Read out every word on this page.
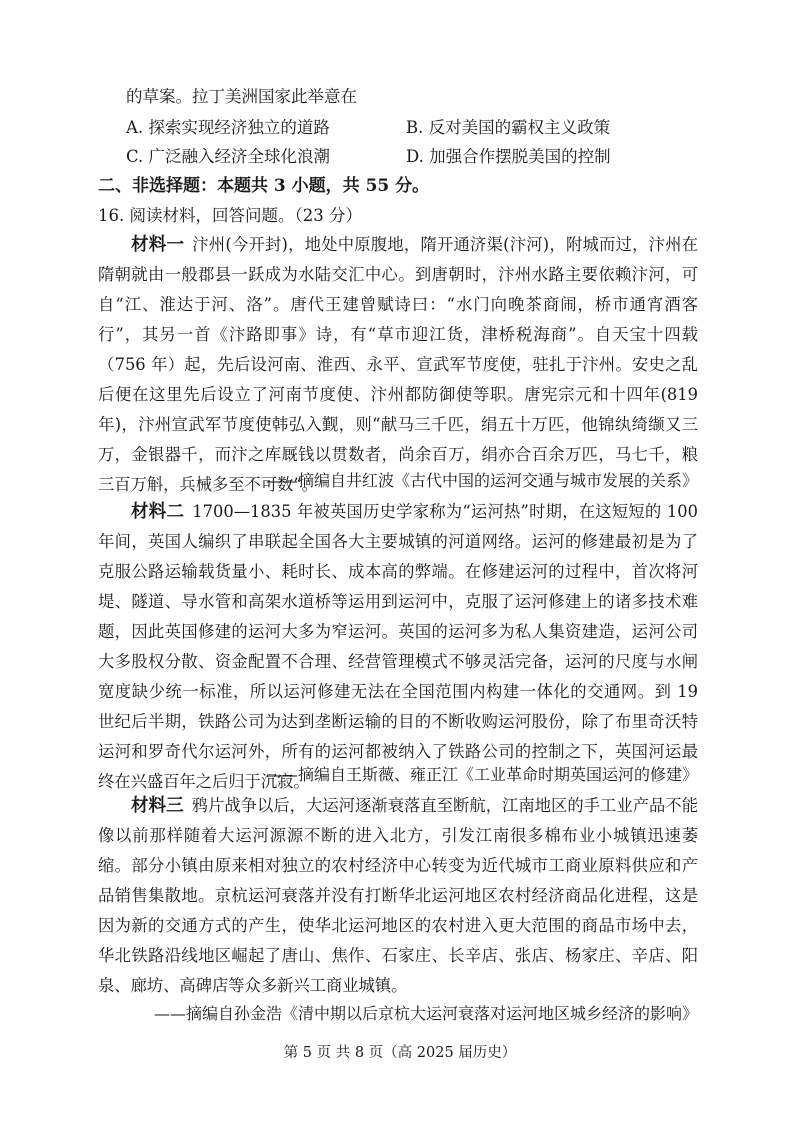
的草案。拉丁美洲国家此举意在
A. 探索实现经济独立的道路	B. 反对美国的霸权主义政策
C. 广泛融入经济全球化浪潮	D. 加强合作摆脱美国的控制
二、非选择题：本题共 3 小题，共 55 分。
16. 阅读材料，回答问题。（23 分）
材料一 汴州(今开封)，地处中原腹地，隋开通济渠(汴河)，附城而过，汴州在隋朝就由一般郡县一跃成为水陆交汇中心。到唐朝时，汴州水路主要依赖汴河，可自“江、淮达于河、洛”。唐代王建曾赋诗曰：“水门向晚茶商闹，桥市通宵酒客行”，其另一首《汴路即事》诗，有“草市迎江货，津桥税海商”。自天宝十四载（756 年）起，先后设河南、淮西、永平、宣武军节度使，驻扎于汴州。安史之乱后便在这里先后设立了河南节度使、汴州都防御使等职。唐宪宗元和十四年(819 年)，汴州宣武军节度使韩弘入觐，则“献马三千匹，绢五十万匹，他锦纨绮缬又三万，金银器千，而汴之库厩钱以贯数者，尚余百万，绢亦合百余万匹，马七千，粮三百万斛，兵械多至不可数”。
——摘编自井红波《古代中国的运河交通与城市发展的关系》
材料二 1700—1835 年被英国历史学家称为“运河热”时期，在这短短的 100 年间，英国人编织了串联起全国各大主要城镇的河道网络。运河的修建最初是为了克服公路运输载货量小、耗时长、成本高的弊端。在修建运河的过程中，首次将河堤、隧道、导水管和高架水道桥等运用到运河中，克服了运河修建上的诸多技术难题，因此英国修建的运河大多为窄运河。英国的运河多为私人集资建造，运河公司大多股权分散、资金配置不合理、经营管理模式不够灵活完备，运河的尺度与水闸宽度缺少统一标准，所以运河修建无法在全国范围内构建一体化的交通网。到 19 世纪后半期，铁路公司为达到垄断运输的目的不断收购运河股份，除了布里奇沃特运河和罗奇代尔运河外，所有的运河都被纳入了铁路公司的控制之下，英国河运最终在兴盛百年之后归于沉寂。
——摘编自王斯薇、雍正江《工业革命时期英国运河的修建》
材料三 鸦片战争以后，大运河逐渐衰落直至断航，江南地区的手工业产品不能像以前那样随着大运河源源不断的进入北方，引发江南很多棉布业小城镇迅速萎缩。部分小镇由原来相对独立的农村经济中心转变为近代城市工商业原料供应和产品销售集散地。京杭运河衰落并没有打断华北运河地区农村经济商品化进程，这是因为新的交通方式的产生，使华北运河地区的农村进入更大范围的商品市场中去，华北铁路沿线地区崛起了唐山、焦作、石家庄、长辛店、张店、杨家庄、辛店、阳泉、廊坊、高碑店等众多新兴工商业城镇。
——摘编自孙金浩《清中期以后京杭大运河衰落对运河地区城乡经济的影响》
第 5 页 共 8 页（高 2025 届历史）
